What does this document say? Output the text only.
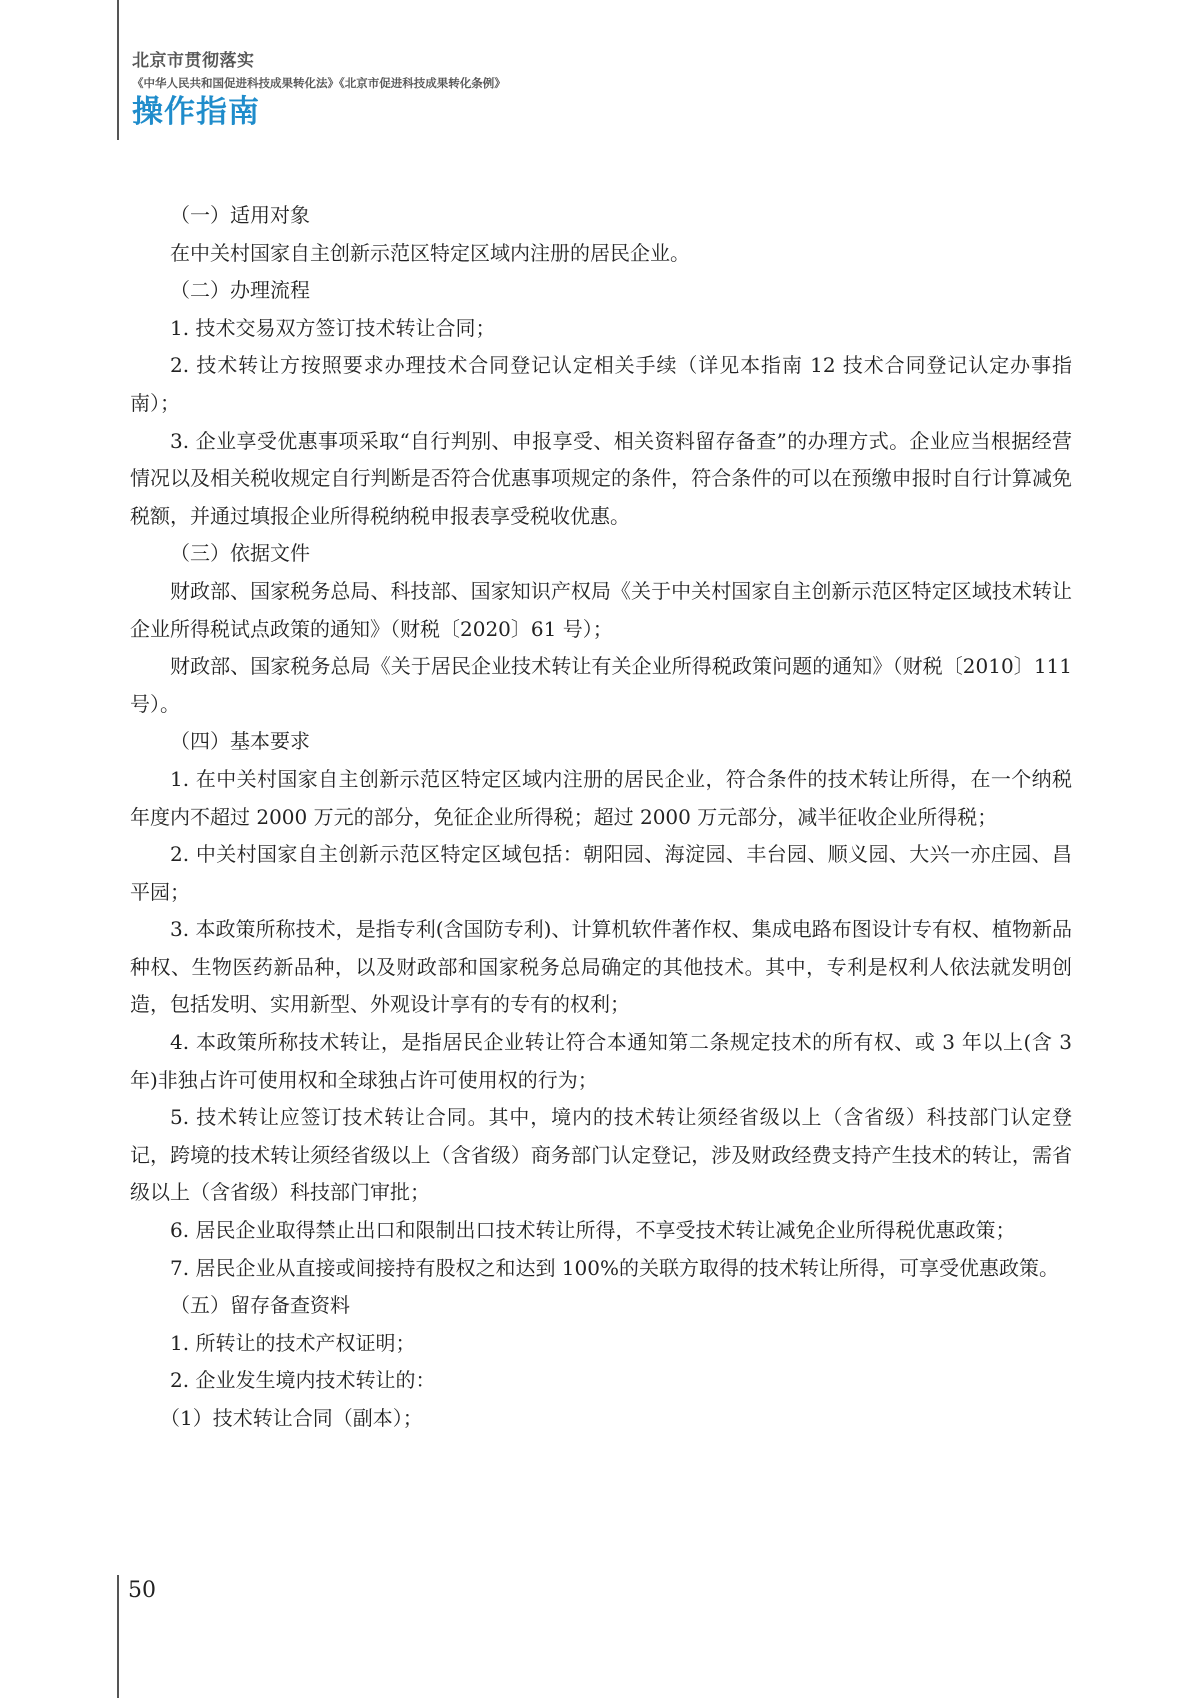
北京市贯彻落实
《中华人民共和国促进科技成果转化法》《北京市促进科技成果转化条例》
操作指南

（一）适用对象

在中关村国家自主创新示范区特定区域内注册的居民企业。

（二）办理流程

1. 技术交易双方签订技术转让合同；

2. 技术转让方按照要求办理技术合同登记认定相关手续（详见本指南 12 技术合同登记认定办事指南）；

3. 企业享受优惠事项采取“自行判别、申报享受、相关资料留存备查”的办理方式。企业应当根据经营情况以及相关税收规定自行判断是否符合优惠事项规定的条件，符合条件的可以在预缴申报时自行计算减免税额，并通过填报企业所得税纳税申报表享受税收优惠。

（三）依据文件

财政部、国家税务总局、科技部、国家知识产权局《关于中关村国家自主创新示范区特定区域技术转让企业所得税试点政策的通知》（财税〔2020〕61 号）；

财政部、国家税务总局《关于居民企业技术转让有关企业所得税政策问题的通知》（财税〔2010〕111 号）。

（四）基本要求

1. 在中关村国家自主创新示范区特定区域内注册的居民企业，符合条件的技术转让所得，在一个纳税年度内不超过 2000 万元的部分，免征企业所得税；超过 2000 万元部分，减半征收企业所得税；

2. 中关村国家自主创新示范区特定区域包括：朝阳园、海淀园、丰台园、顺义园、大兴一亦庄园、昌平园；

3. 本政策所称技术，是指专利(含国防专利)、计算机软件著作权、集成电路布图设计专有权、植物新品种权、生物医药新品种，以及财政部和国家税务总局确定的其他技术。其中，专利是权利人依法就发明创造，包括发明、实用新型、外观设计享有的专有的权利；

4. 本政策所称技术转让，是指居民企业转让符合本通知第二条规定技术的所有权、或 3 年以上(含 3 年)非独占许可使用权和全球独占许可使用权的行为；

5. 技术转让应签订技术转让合同。其中，境内的技术转让须经省级以上（含省级）科技部门认定登记，跨境的技术转让须经省级以上（含省级）商务部门认定登记，涉及财政经费支持产生技术的转让，需省级以上（含省级）科技部门审批；

6. 居民企业取得禁止出口和限制出口技术转让所得，不享受技术转让减免企业所得税优惠政策；

7. 居民企业从直接或间接持有股权之和达到 100%的关联方取得的技术转让所得，可享受优惠政策。

（五）留存备查资料

1. 所转让的技术产权证明；

2. 企业发生境内技术转让的：

（1）技术转让合同（副本）；

50
